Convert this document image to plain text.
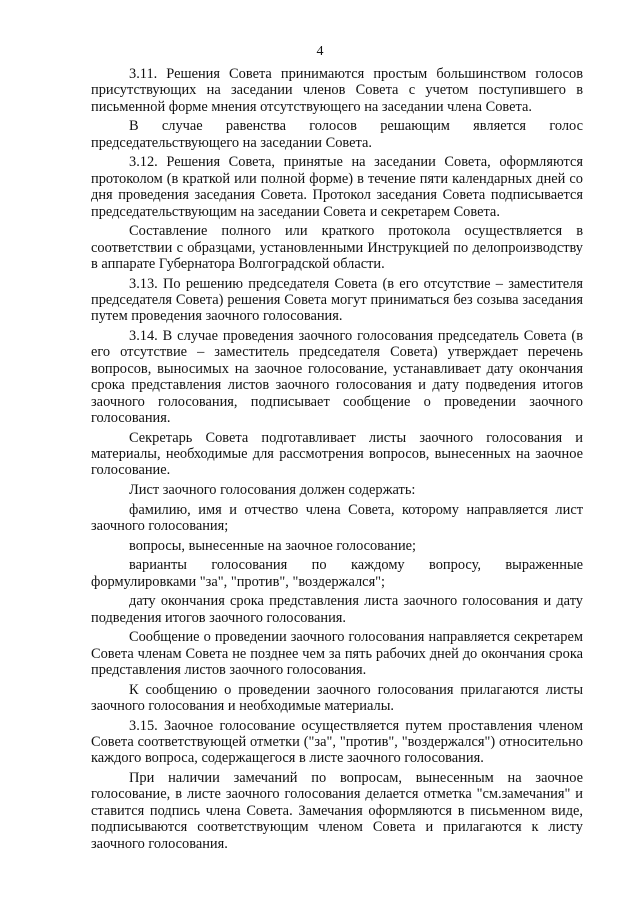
4

3.11. Решения Совета принимаются простым большинством голосов присутствующих на заседании членов Совета с учетом поступившего в письменной форме мнения отсутствующего на заседании члена Совета.

В случае равенства голосов решающим является голос председательствующего на заседании Совета.

3.12. Решения Совета, принятые на заседании Совета, оформляются протоколом (в краткой или полной форме) в течение пяти календарных дней со дня проведения заседания Совета. Протокол заседания Совета подписывается председательствующим на заседании Совета и секретарем Совета.

Составление полного или краткого протокола осуществляется в соответствии с образцами, установленными Инструкцией по делопроизводству в аппарате Губернатора Волгоградской области.

3.13. По решению председателя Совета (в его отсутствие – заместителя председателя Совета) решения Совета могут приниматься без созыва заседания путем проведения заочного голосования.

3.14. В случае проведения заочного голосования председатель Совета (в его отсутствие – заместитель председателя Совета) утверждает перечень вопросов, выносимых на заочное голосование, устанавливает дату окончания срока представления листов заочного голосования и дату подведения итогов заочного голосования, подписывает сообщение о проведении заочного голосования.

Секретарь Совета подготавливает листы заочного голосования и материалы, необходимые для рассмотрения вопросов, вынесенных на заочное голосование.

Лист заочного голосования должен содержать:

фамилию, имя и отчество члена Совета, которому направляется лист заочного голосования;

вопросы, вынесенные на заочное голосование;

варианты голосования по каждому вопросу, выраженные формулировками "за", "против", "воздержался";

дату окончания срока представления листа заочного голосования и дату подведения итогов заочного голосования.

Сообщение о проведении заочного голосования направляется секретарем Совета членам Совета не позднее чем за пять рабочих дней до окончания срока представления листов заочного голосования.

К сообщению о проведении заочного голосования прилагаются листы заочного голосования и необходимые материалы.

3.15. Заочное голосование осуществляется путем проставления членом Совета соответствующей отметки ("за", "против", "воздержался") относительно каждого вопроса, содержащегося в листе заочного голосования.

При наличии замечаний по вопросам, вынесенным на заочное голосование, в листе заочного голосования делается отметка "см.замечания" и ставится подпись члена Совета. Замечания оформляются в письменном виде, подписываются соответствующим членом Совета и прилагаются к листу заочного голосования.
